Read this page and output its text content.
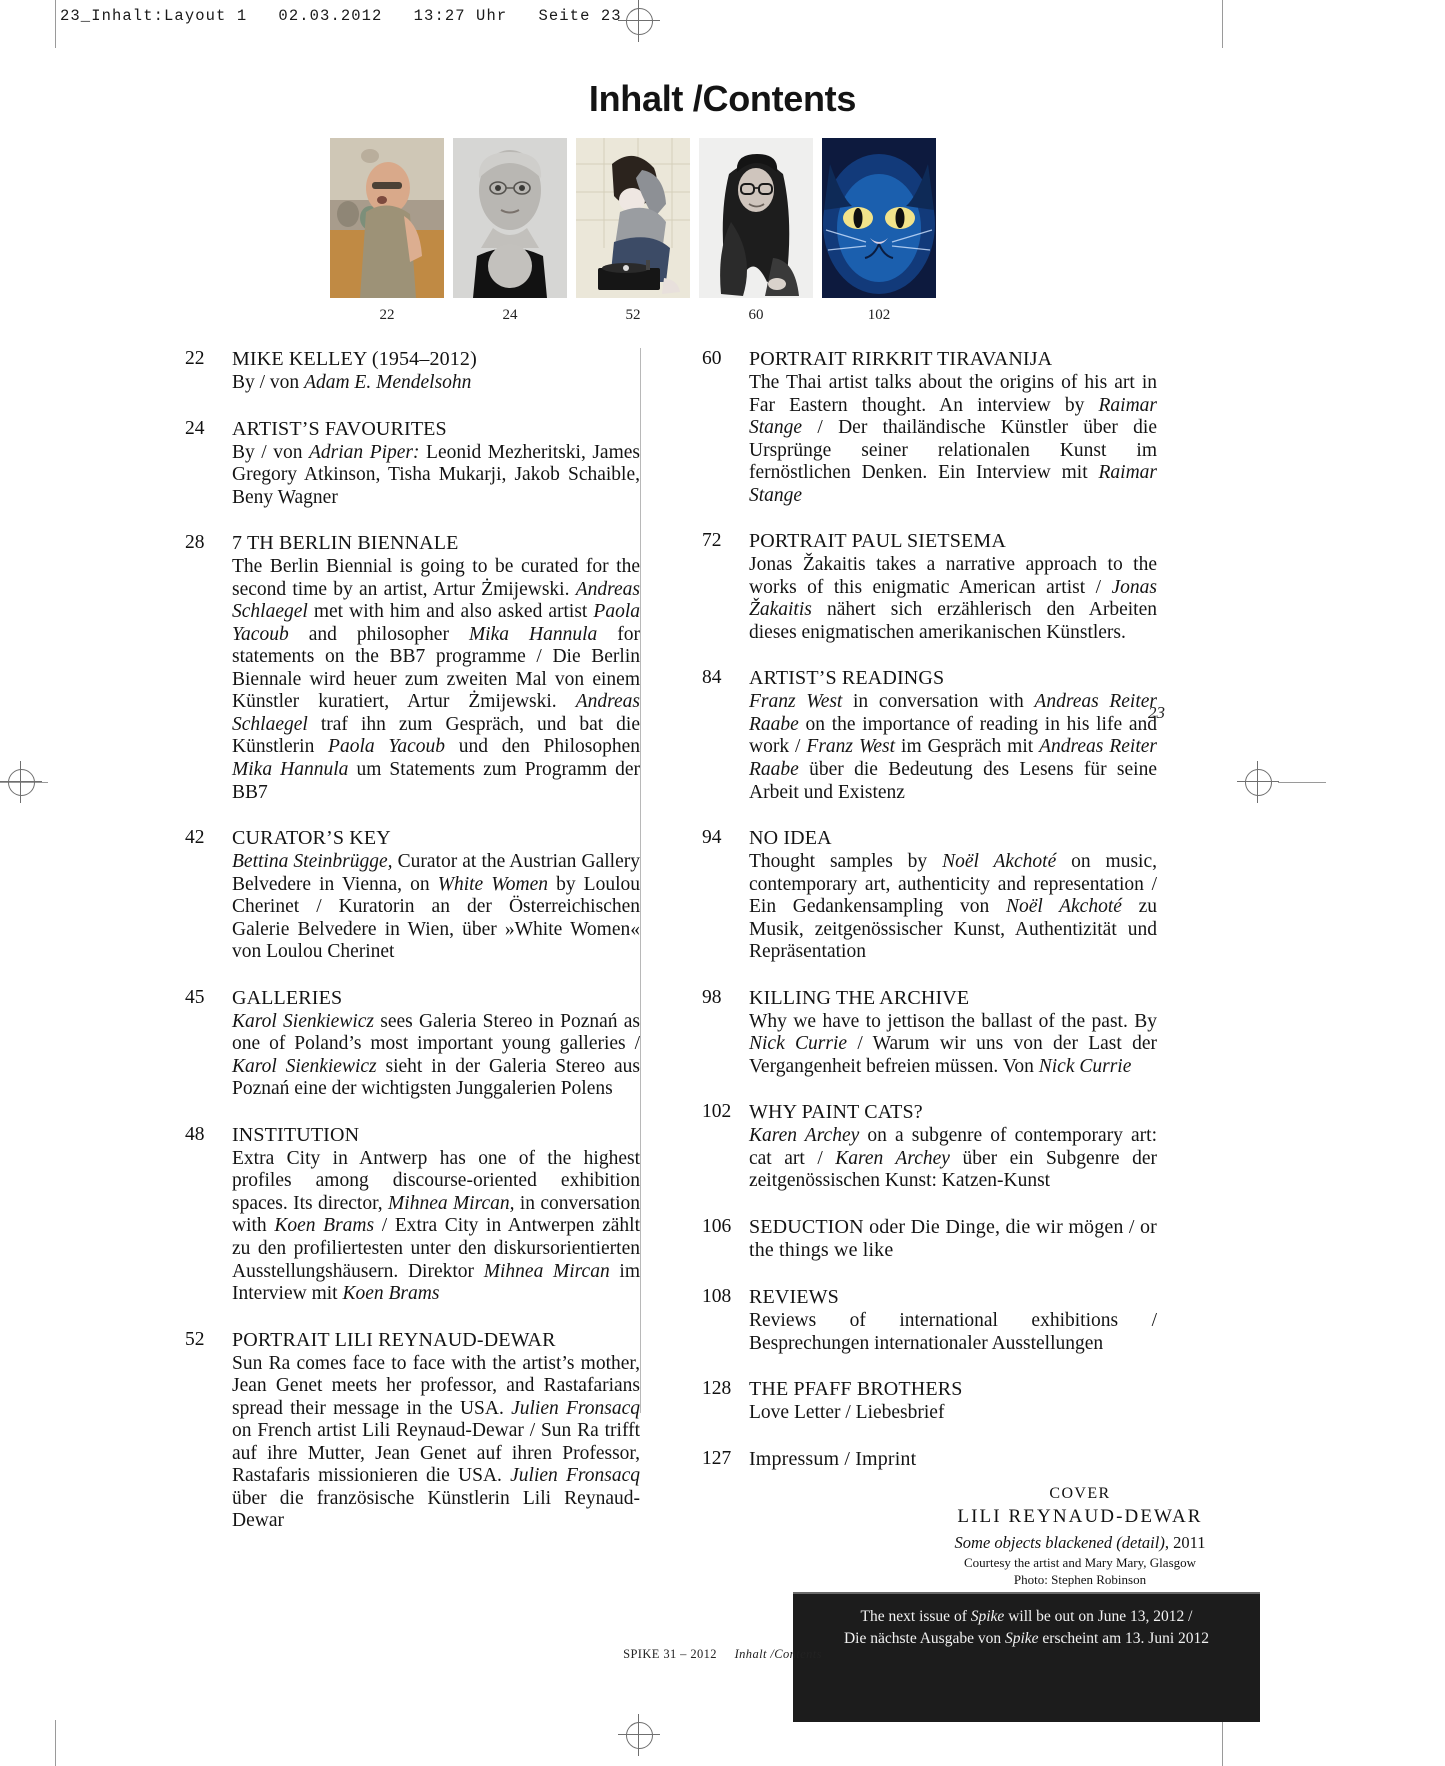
23_Inhalt:Layout 1   02.03.2012   13:27 Uhr   Seite 23
Inhalt /Contents
22	24	52	60	102
22	MIKE KELLEY (1954–2012)
By / von Adam E. Mendelsohn
24	ARTIST’S FAVOURITES
By / von Adrian Piper: Leonid Mezheritski, James Gregory Atkinson, Tisha Mukarji, Jakob Schaible, Beny Wagner
28	7 TH BERLIN BIENNALE
The Berlin Biennial is going to be curated for the second time by an artist, Artur Żmijewski. Andreas Schlaegel met with him and also asked artist Paola Yacoub and philosopher Mika Hannula for statements on the BB7 programme / Die Berlin Biennale wird heuer zum zweiten Mal von einem Künstler kuratiert, Artur Żmijewski. Andreas Schlaegel traf ihn zum Gespräch, und bat die Künstlerin Paola Yacoub und den Philosophen Mika Hannula um Statements zum Programm der BB7
42	CURATOR’S KEY
Bettina Steinbrügge, Curator at the Austrian Gallery Belvedere in Vienna, on White Women by Loulou Cherinet / Kuratorin an der Österreichischen Galerie Belvedere in Wien, über »White Women« von Loulou Cherinet
45	GALLERIES
Karol Sienkiewicz sees Galeria Stereo in Poznań as one of Poland’s most important young galleries / Karol Sienkiewicz sieht in der Galeria Stereo aus Poznań eine der wichtigsten Junggalerien Polens
48	INSTITUTION
Extra City in Antwerp has one of the highest profiles among discourse-oriented exhibition spaces. Its director, Mihnea Mircan, in conversation with Koen Brams / Extra City in Antwerpen zählt zu den profiliertesten unter den diskursorientierten Ausstellungshäusern. Direktor Mihnea Mircan im Interview mit Koen Brams
52	PORTRAIT LILI REYNAUD-DEWAR
Sun Ra comes face to face with the artist’s mother, Jean Genet meets her professor, and Rastafarians spread their message in the USA. Julien Fronsacq on French artist Lili Reynaud-Dewar / Sun Ra trifft auf ihre Mutter, Jean Genet auf ihren Professor, Rastafaris missionieren die USA. Julien Fronsacq über die französische Künstlerin Lili Reynaud-Dewar
60	PORTRAIT RIRKRIT TIRAVANIJA
The Thai artist talks about the origins of his art in Far Eastern thought. An interview by Raimar Stange / Der thailändische Künstler über die Ursprünge seiner relationalen Kunst im fernöstlichen Denken. Ein Interview mit Raimar Stange
72	PORTRAIT PAUL SIETSEMA
Jonas Žakaitis takes a narrative approach to the works of this enigmatic American artist / Jonas Žakaitis nähert sich erzählerisch den Arbeiten dieses enigmatischen amerikanischen Künstlers.
84	ARTIST’S READINGS
Franz West in conversation with Andreas Reiter Raabe on the importance of reading in his life and work / Franz West im Gespräch mit Andreas Reiter Raabe über die Bedeutung des Lesens für seine Arbeit und Existenz
94	NO IDEA
Thought samples by Noël Akchoté on music, contemporary art, authenticity and representation / Ein Gedankensampling von Noël Akchoté zu Musik, zeitgenössischer Kunst, Authentizität und Repräsentation
98	KILLING THE ARCHIVE
Why we have to jettison the ballast of the past. By Nick Currie / Warum wir uns von der Last der Vergangenheit befreien müssen. Von Nick Currie
102 WHY PAINT CATS?
Karen Archey on a subgenre of contemporary art: cat art / Karen Archey über ein Subgenre der zeitgenössischen Kunst: Katzen-Kunst
106 SEDUCTION oder Die Dinge, die wir mögen / or the things we like
108 REVIEWS
Reviews of international exhibitions / Besprechungen internationaler Ausstellungen
128 THE PFAFF BROTHERS
Love Letter / Liebesbrief
127 Impressum / Imprint
23
COVER
LILI REYNAUD-DEWAR
Some objects blackened (detail), 2011
Courtesy the artist and Mary Mary, Glasgow
Photo: Stephen Robinson
The next issue of Spike will be out on June 13, 2012 /
Die nächste Ausgabe von Spike erscheint am 13. Juni 2012
SPIKE 31 – 2012 Inhalt /Contents
